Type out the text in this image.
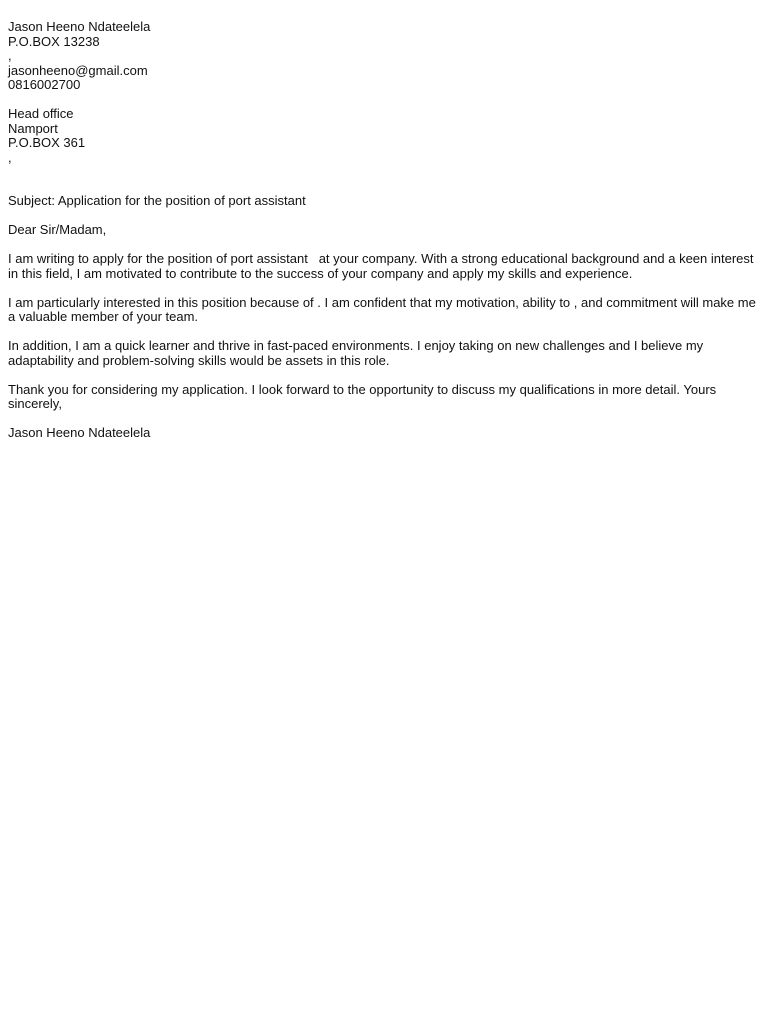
Jason Heeno Ndateelela
P.O.BOX 13238
,
jasonheeno@gmail.com
0816002700
Head office
Namport
P.O.BOX 361
,

Subject: Application for the position of port assistant

Dear Sir/Madam,

I am writing to apply for the position of port assistant   at your company. With a strong educational background and a keen interest in this field, I am motivated to contribute to the success of your company and apply my skills and experience.

I am particularly interested in this position because of . I am confident that my motivation, ability to , and commitment will make me a valuable member of your team.

In addition, I am a quick learner and thrive in fast-paced environments. I enjoy taking on new challenges and I believe my adaptability and problem-solving skills would be assets in this role.

Thank you for considering my application. I look forward to the opportunity to discuss my qualifications in more detail. Yours sincerely,

Jason Heeno Ndateelela
